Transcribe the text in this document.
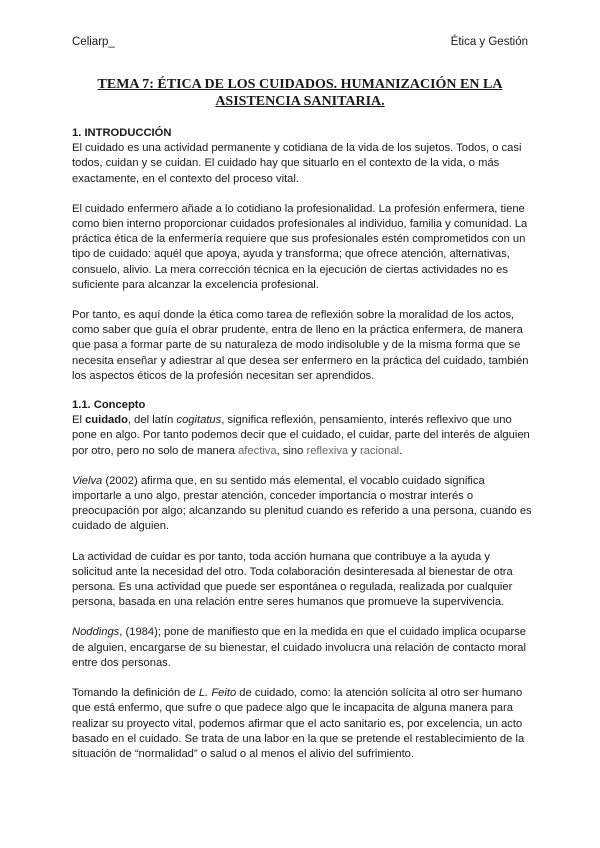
Celiarp_	Ética y Gestión
TEMA 7: ÉTICA DE LOS CUIDADOS. HUMANIZACIÓN EN LA ASISTENCIA SANITARIA.
1. INTRODUCCIÓN

El cuidado es una actividad permanente y cotidiana de la vida de los sujetos. Todos, o casi todos, cuidan y se cuidan. El cuidado hay que situarlo en el contexto de la vida, o más exactamente, en el contexto del proceso vital.

El cuidado enfermero añade a lo cotidiano la profesionalidad. La profesión enfermera, tiene como bien interno proporcionar cuidados profesionales al individuo, familia y comunidad. La práctica ética de la enfermería requiere que sus profesionales estén comprometidos con un tipo de cuidado: aquél que apoya, ayuda y transforma; que ofrece atención, alternativas, consuelo, alivio. La mera corrección técnica en la ejecución de ciertas actividades no es suficiente para alcanzar la excelencia profesional.

Por tanto, es aquí donde la ética como tarea de reflexión sobre la moralidad de los actos, como saber que guía el obrar prudente, entra de lleno en la práctica enfermera, de manera que pasa a formar parte de su naturaleza de modo indisoluble y de la misma forma que se necesita enseñar y adiestrar al que desea ser enfermero en la práctica del cuidado, también los aspectos éticos de la profesión necesitan ser aprendidos.

1.1. Concepto

El cuidado, del latín cogitatus, significa reflexión, pensamiento, interés reflexivo que uno pone en algo. Por tanto podemos decir que el cuidado, el cuidar, parte del interés de alguien por otro, pero no solo de manera afectiva, sino reflexiva y racional.

Vielva (2002) afirma que, en su sentido más elemental, el vocablo cuidado significa importarle a uno algo, prestar atención, conceder importancia o mostrar interés o preocupación por algo; alcanzando su plenitud cuando es referido a una persona, cuando es cuidado de alguien.

La actividad de cuidar es por tanto, toda acción humana que contribuye a la ayuda y solicitud ante la necesidad del otro. Toda colaboración desinteresada al bienestar de otra persona. Es una actividad que puede ser espontánea o regulada, realizada por cualquier persona, basada en una relación entre seres humanos que promueve la supervivencia.

Noddings, (1984); pone de manifiesto que en la medida en que el cuidado implica ocuparse de alguien, encargarse de su bienestar, el cuidado involucra una relación de contacto moral entre dos personas.

Tomando la definición de L. Feito de cuidado, como: la atención solícita al otro ser humano que está enfermo, que sufre o que padece algo que le incapacita de alguna manera para realizar su proyecto vital, podemos afirmar que el acto sanitario es, por excelencia, un acto basado en el cuidado. Se trata de una labor en la que se pretende el restablecimiento de la situación de “normalidad” o salud o al menos el alivio del sufrimiento.
